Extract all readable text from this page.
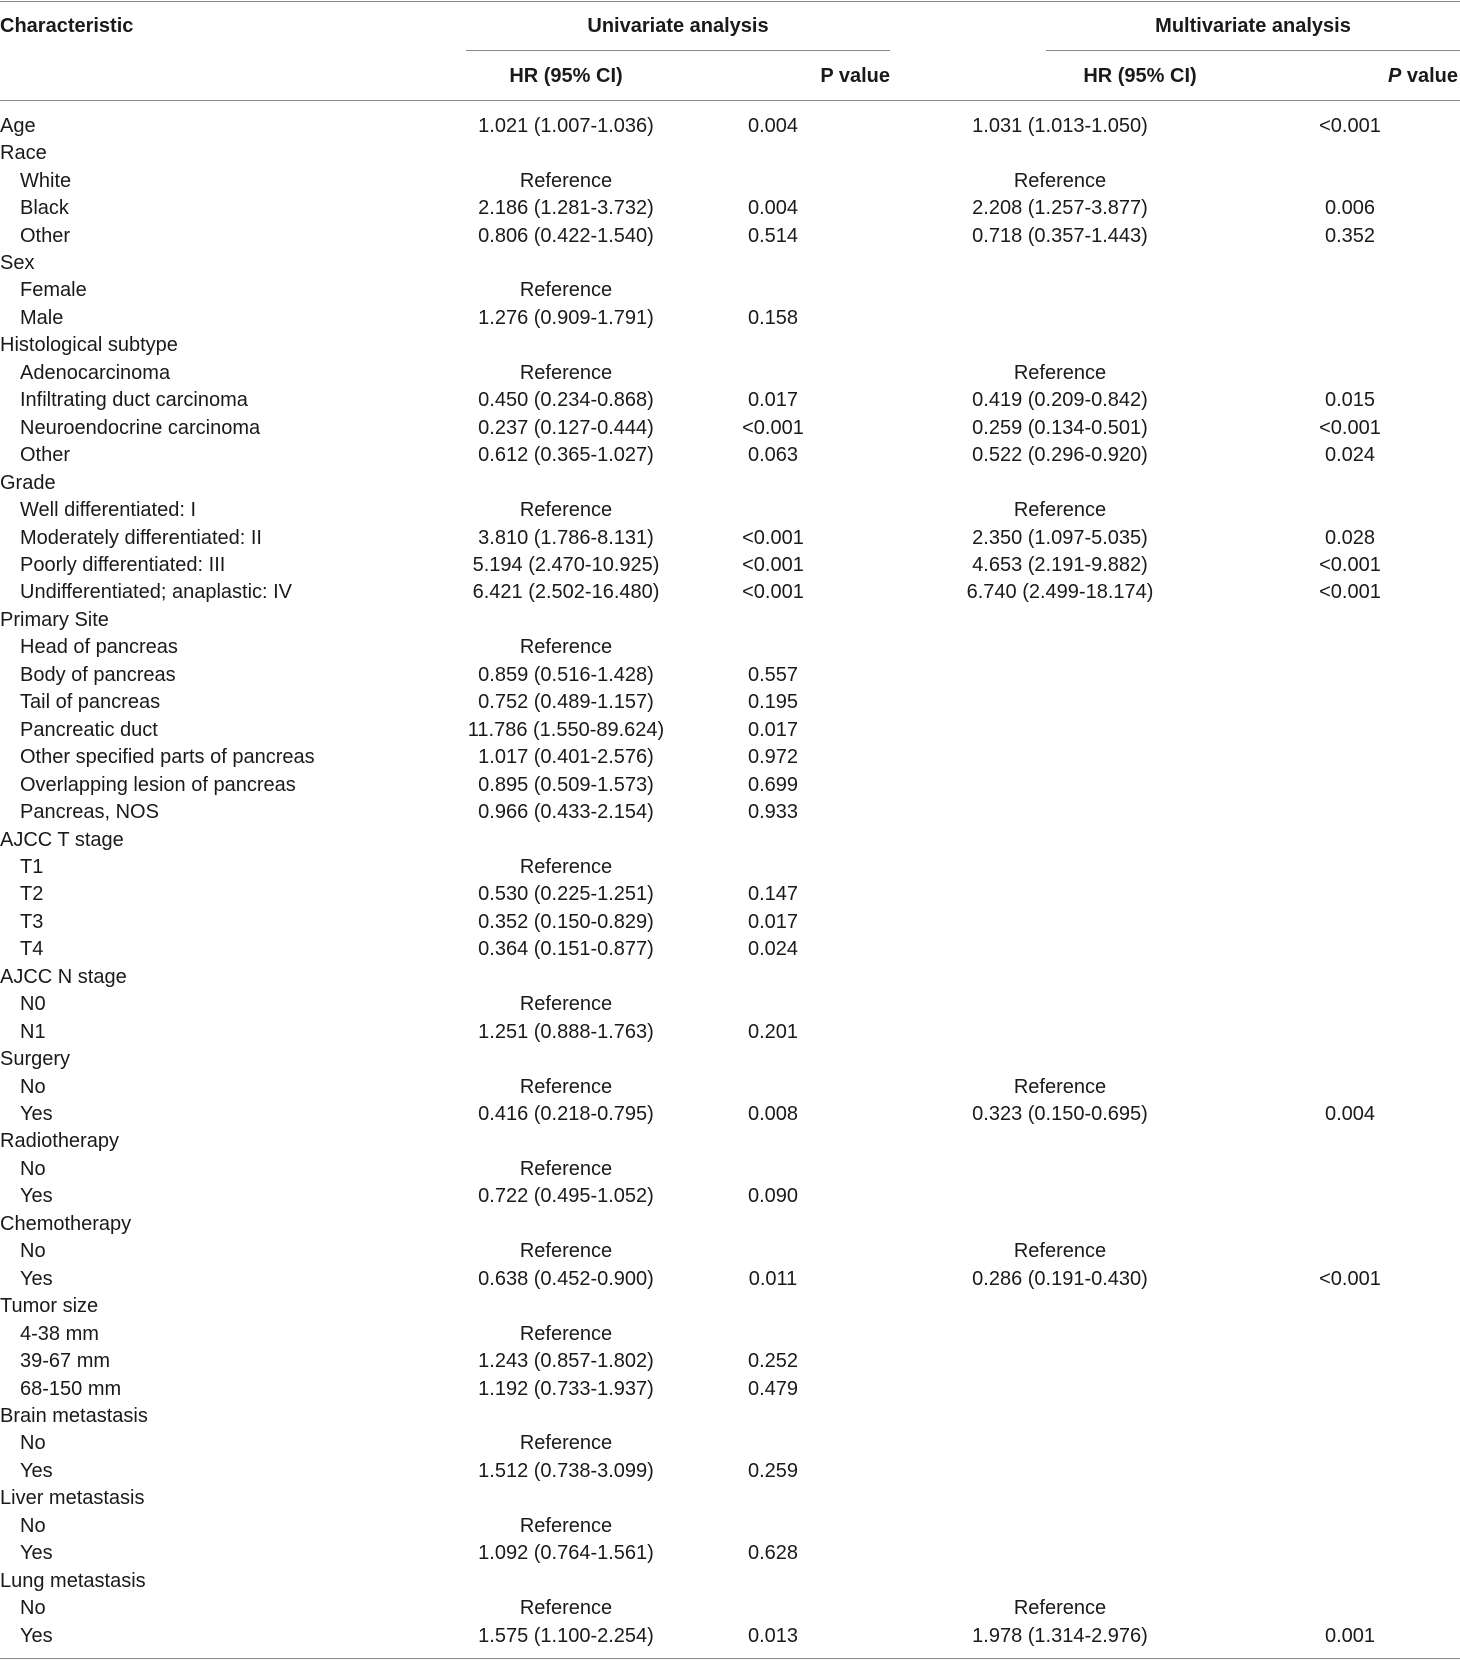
Characteristic	Univariate analysis	Multivariate analysis
HR (95% CI)	P value	HR (95% CI)	P value
Age	1.021 (1.007-1.036)	0.004	1.031 (1.013-1.050)	<0.001
Race				
White	Reference		Reference	
Black	2.186 (1.281-3.732)	0.004	2.208 (1.257-3.877)	0.006
Other	0.806 (0.422-1.540)	0.514	0.718 (0.357-1.443)	0.352
Sex				
Female	Reference			
Male	1.276 (0.909-1.791)	0.158		
Histological subtype				
Adenocarcinoma	Reference		Reference	
Infiltrating duct carcinoma	0.450 (0.234-0.868)	0.017	0.419 (0.209-0.842)	0.015
Neuroendocrine carcinoma	0.237 (0.127-0.444)	<0.001	0.259 (0.134-0.501)	<0.001
Other	0.612 (0.365-1.027)	0.063	0.522 (0.296-0.920)	0.024
Grade				
Well differentiated: I	Reference		Reference	
Moderately differentiated: II	3.810 (1.786-8.131)	<0.001	2.350 (1.097-5.035)	0.028
Poorly differentiated: III	5.194 (2.470-10.925)	<0.001	4.653 (2.191-9.882)	<0.001
Undifferentiated; anaplastic: IV	6.421 (2.502-16.480)	<0.001	6.740 (2.499-18.174)	<0.001
Primary Site				
Head of pancreas	Reference			
Body of pancreas	0.859 (0.516-1.428)	0.557		
Tail of pancreas	0.752 (0.489-1.157)	0.195		
Pancreatic duct	11.786 (1.550-89.624)	0.017		
Other specified parts of pancreas	1.017 (0.401-2.576)	0.972		
Overlapping lesion of pancreas	0.895 (0.509-1.573)	0.699		
Pancreas, NOS	0.966 (0.433-2.154)	0.933		
AJCC T stage				
T1	Reference			
T2	0.530 (0.225-1.251)	0.147		
T3	0.352 (0.150-0.829)	0.017		
T4	0.364 (0.151-0.877)	0.024		
AJCC N stage				
N0	Reference			
N1	1.251 (0.888-1.763)	0.201		
Surgery				
No	Reference		Reference	
Yes	0.416 (0.218-0.795)	0.008	0.323 (0.150-0.695)	0.004
Radiotherapy				
No	Reference			
Yes	0.722 (0.495-1.052)	0.090		
Chemotherapy				
No	Reference		Reference	
Yes	0.638 (0.452-0.900)	0.011	0.286 (0.191-0.430)	<0.001
Tumor size				
4-38 mm	Reference			
39-67 mm	1.243 (0.857-1.802)	0.252		
68-150 mm	1.192 (0.733-1.937)	0.479		
Brain metastasis				
No	Reference			
Yes	1.512 (0.738-3.099)	0.259		
Liver metastasis				
No	Reference			
Yes	1.092 (0.764-1.561)	0.628		
Lung metastasis				
No	Reference		Reference	
Yes	1.575 (1.100-2.254)	0.013	1.978 (1.314-2.976)	0.001
